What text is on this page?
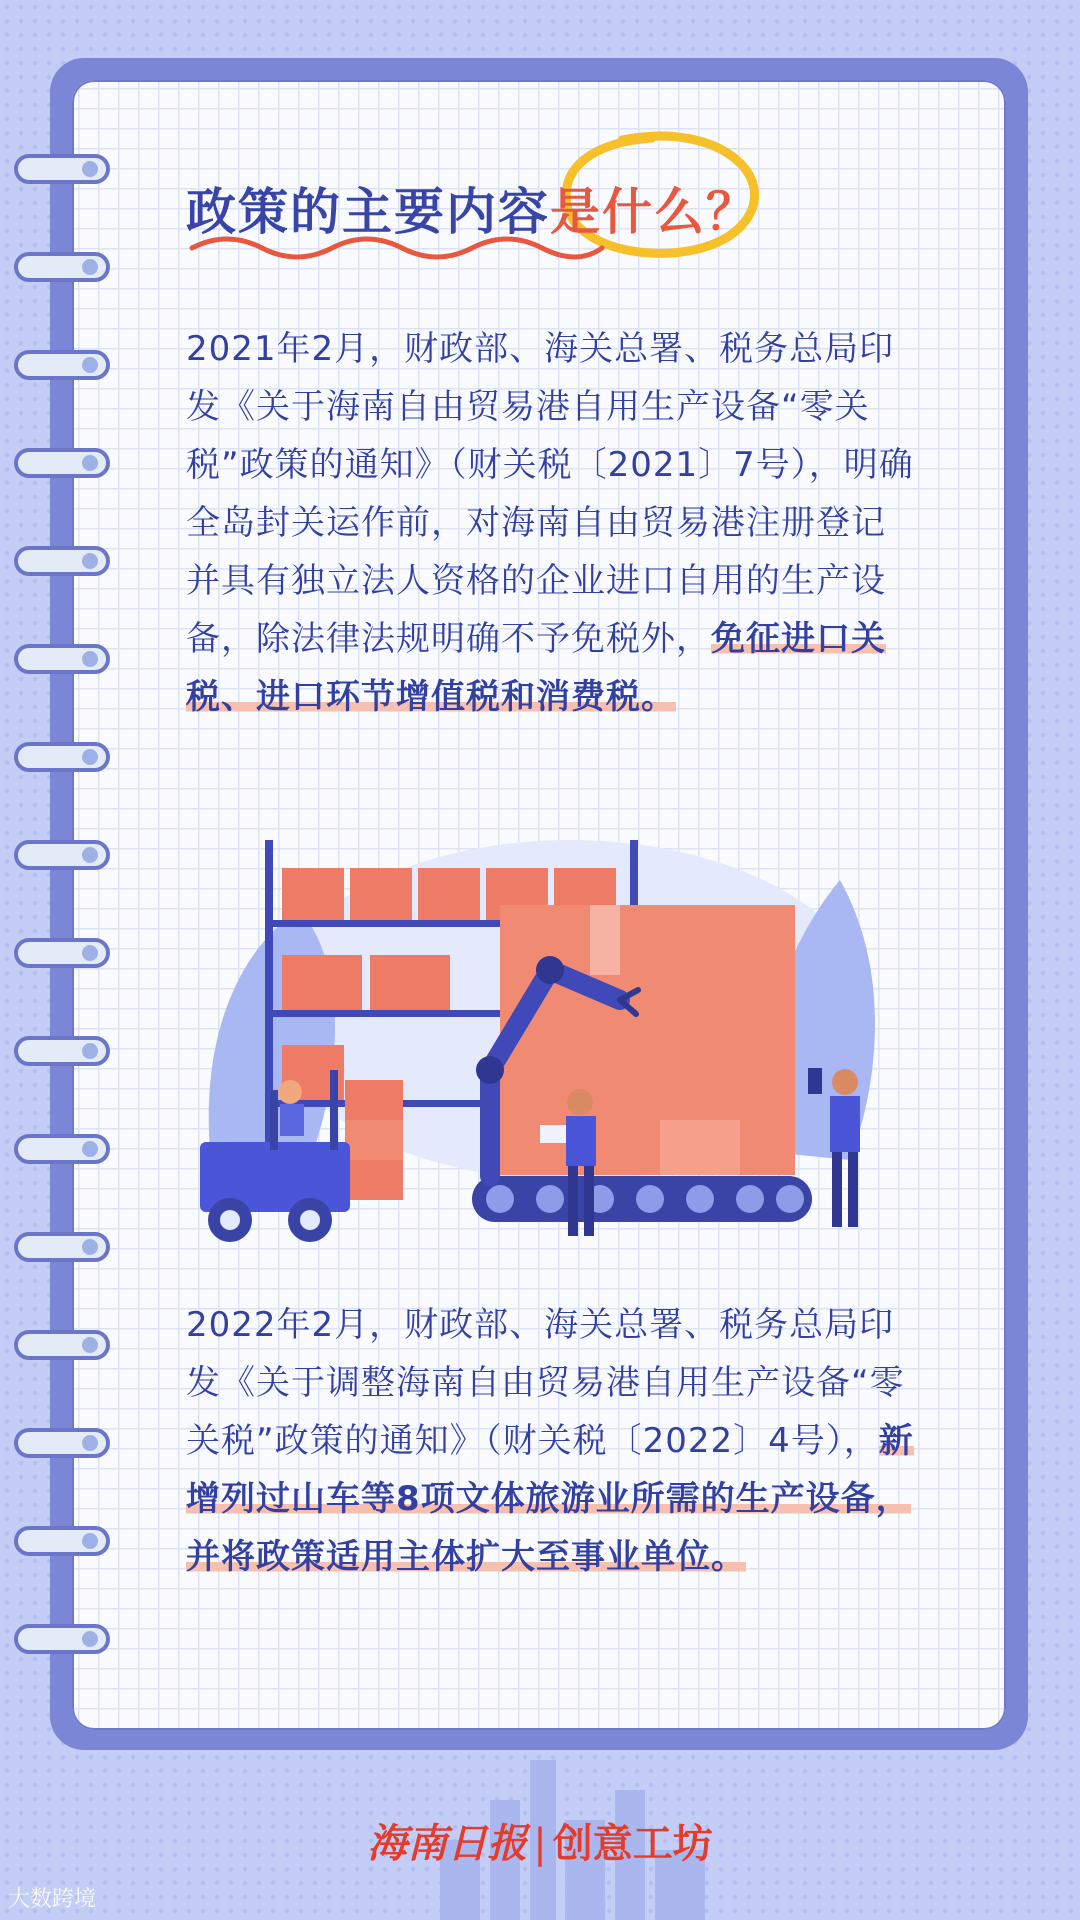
政策的主要内容是什么？
2021年2月，财政部、海关总署、税务总局印发《关于海南自由贸易港自用生产设备“零关税”政策的通知》（财关税〔2021〕7号），明确全岛封关运作前，对海南自由贸易港注册登记并具有独立法人资格的企业进口自用的生产设备，除法律法规明确不予免税外，免征进口关税、进口环节增值税和消费税。
2022年2月，财政部、海关总署、税务总局印发《关于调整海南自由贸易港自用生产设备“零关税”政策的通知》（财关税〔2022〕4号），新增列过山车等8项文体旅游业所需的生产设备，并将政策适用主体扩大至事业单位。
海南日报 | 创意工坊
大数跨境
